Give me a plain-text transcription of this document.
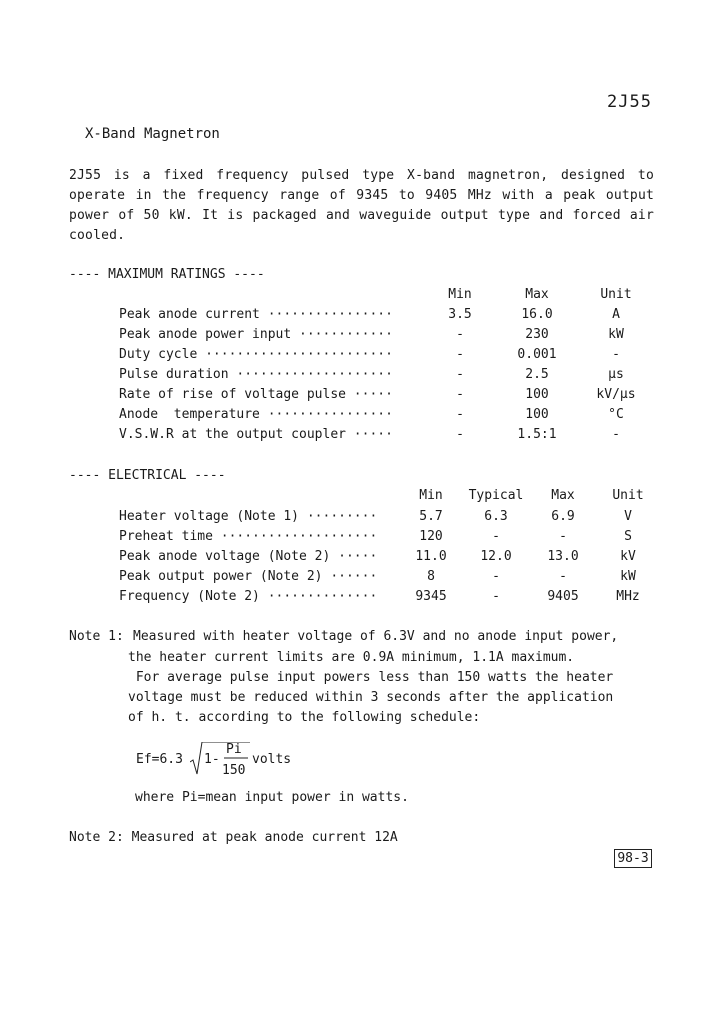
2J55
X-Band Magnetron
2J55 is a fixed frequency pulsed type X-band magnetron, designed to operate in the frequency range of 9345 to 9405 MHz with a peak output power of 50 kW. It is packaged and waveguide output type and forced air cooled.
---- MAXIMUM RATINGS ----
Min	Max	Unit
Peak anode current ················	3.5	16.0	A
Peak anode power input ············	-	230	kW
Duty cycle ························	-	0.001	-
Pulse duration ····················	-	2.5	μs
Rate of rise of voltage pulse ·····	-	100	kV/μs
Anode  temperature ················	-	100	°C
V.S.W.R at the output coupler ·····	-	1.5:1	-
---- ELECTRICAL ----
Min	Typical	Max	Unit
Heater voltage (Note 1) ·········	5.7	6.3	6.9	V
Preheat time ····················	120	-	-	S
Peak anode voltage (Note 2) ·····	11.0	12.0	13.0	kV
Peak output power (Note 2) ······	8	-	-	kW
Frequency (Note 2) ··············	9345	-	9405	MHz
Note 1: Measured with heater voltage of 6.3V and no anode input power,
the heater current limits are 0.9A minimum, 1.1A maximum.
For average pulse input powers less than 150 watts the heater
voltage must be reduced within 3 seconds after the application
of h. t. according to the following schedule:
Ef=6.3 1-
Pi
150
volts
where Pi=mean input power in watts.
Note 2: Measured at peak anode current 12A
98-3
